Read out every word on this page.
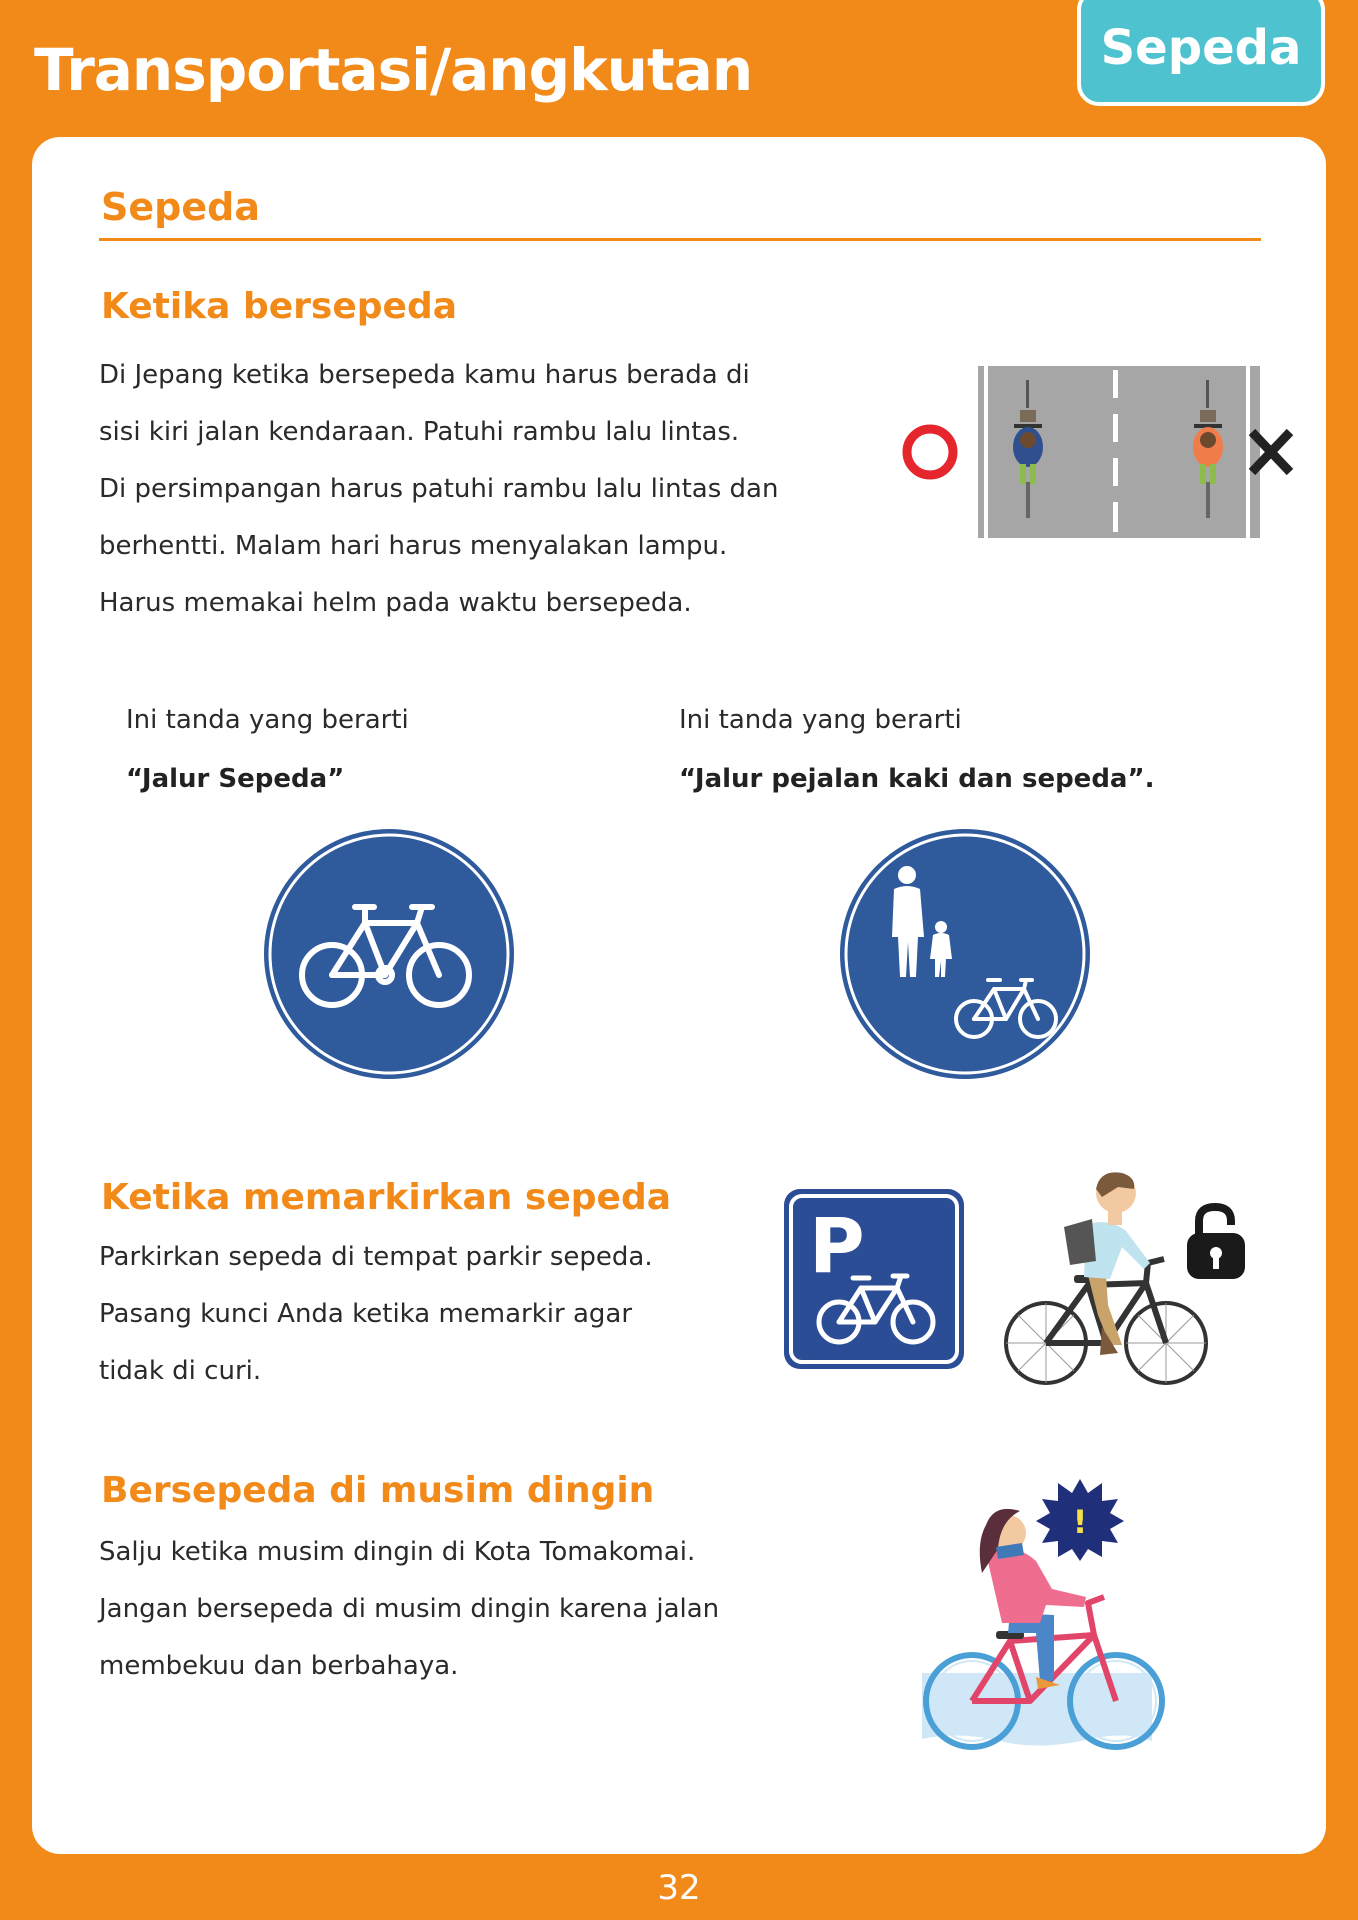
Transportasi/angkutan	Sepeda
Sepeda
Ketika bersepeda

Di Jepang ketika bersepeda kamu harus berada di

sisi kiri jalan kendaraan. Patuhi rambu lalu lintas.

Di persimpangan harus patuhi rambu lalu lintas dan

berhentti. Malam hari harus menyalakan lampu.

Harus memakai helm pada waktu bersepeda.

Ini tanda yang berarti
“Jalur Sepeda”
Ini tanda yang berarti
“Jalur pejalan kaki dan sepeda”.
Ketika memarkirkan sepeda

Parkirkan sepeda di tempat parkir sepeda.

Pasang kunci Anda ketika memarkir agar

tidak di curi.

P
Bersepeda di musim dingin

Salju ketika musim dingin di Kota Tomakomai.

Jangan bersepeda di musim dingin karena jalan

membekuu dan berbahaya.

!
32
